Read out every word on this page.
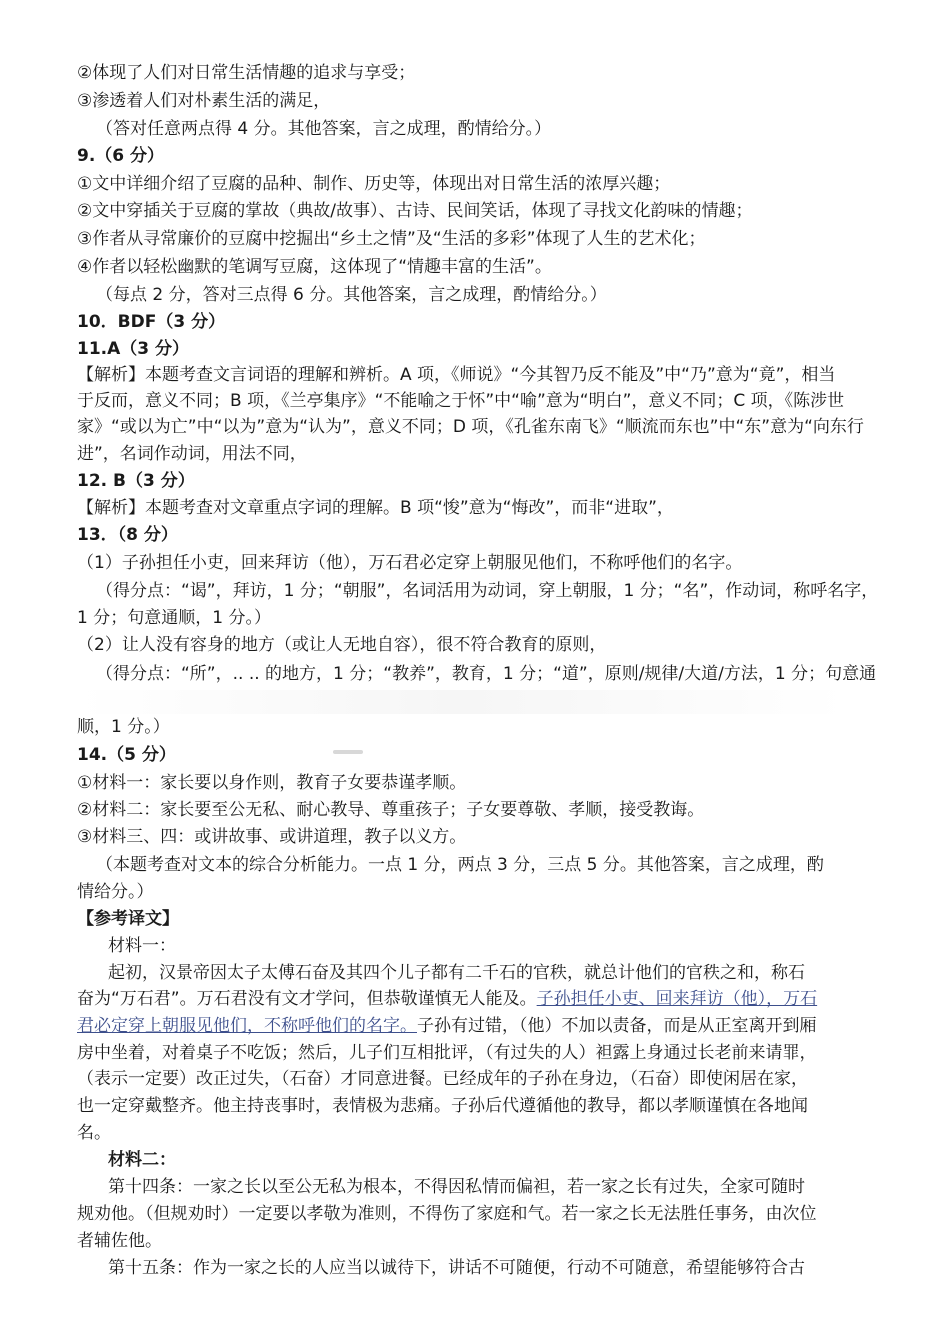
②体现了人们对日常生活情趣的追求与享受；
③渗透着人们对朴素生活的满足，
（答对任意两点得 4 分。其他答案，言之成理，酌情给分。）
9.（6 分）
①文中详细介绍了豆腐的品种、制作、历史等，体现出对日常生活的浓厚兴趣；
②文中穿插关于豆腐的掌故（典故/故事）、古诗、民间笑话，体现了寻找文化韵味的情趣；
③作者从寻常廉价的豆腐中挖掘出“乡土之情”及“生活的多彩”体现了人生的艺术化；
④作者以轻松幽默的笔调写豆腐，这体现了“情趣丰富的生活”。
（每点 2 分，答对三点得 6 分。其他答案，言之成理，酌情给分。）
10．BDF（3 分）
11.A（3 分）
【解析】本题考查文言词语的理解和辨析。A 项，《师说》“今其智乃反不能及”中“乃”意为“竟”，相当
于反而，意义不同；B 项，《兰亭集序》“不能喻之于怀”中“喻”意为“明白”，意义不同；C 项，《陈涉世
家》“或以为亡”中“以为”意为“认为”，意义不同；D 项，《孔雀东南飞》“顺流而东也”中“东”意为“向东行
进”，名词作动词，用法不同，
12. B（3 分）
【解析】本题考查对文章重点字词的理解。B 项“悛”意为“悔改”，而非“进取”，
13．（8 分）
（1）子孙担任小吏，回来拜访（他），万石君必定穿上朝服见他们，不称呼他们的名字。
（得分点：“谒”，拜访，1 分；“朝服”，名词活用为动词，穿上朝服，1 分；“名”，作动词，称呼名字，
1 分；句意通顺，1 分。）
（2）让人没有容身的地方（或让人无地自容），很不符合教育的原则，
（得分点：“所”，.. .. 的地方，1 分；“教养”，教育，1 分；“道”，原则/规律/大道/方法，1 分；句意通
顺，1 分。）
14.（5 分）
①材料一：家长要以身作则，教育子女要恭谨孝顺。
②材料二：家长要至公无私、耐心教导、尊重孩子；子女要尊敬、孝顺，接受教诲。
③材料三、四：或讲故事、或讲道理，教子以义方。
（本题考查对文本的综合分析能力。一点 1 分，两点 3 分，三点 5 分。其他答案，言之成理，酌
情给分。）
【参考译文】
材料一：
起初，汉景帝因太子太傅石奋及其四个儿子都有二千石的官秩，就总计他们的官秩之和，称石
奋为“万石君”。万石君没有文才学问，但恭敬谨慎无人能及。子孙担任小吏、回来拜访（他），万石
君必定穿上朝服见他们，不称呼他们的名字。子孙有过错，（他）不加以责备，而是从正室离开到厢
房中坐着，对着桌子不吃饭；然后，儿子们互相批评，（有过失的人）袒露上身通过长老前来请罪，
（表示一定要）改正过失，（石奋）才同意进餐。已经成年的子孙在身边，（石奋）即使闲居在家，
也一定穿戴整齐。他主持丧事时，表情极为悲痛。子孙后代遵循他的教导，都以孝顺谨慎在各地闻
名。
材料二：
第十四条：一家之长以至公无私为根本，不得因私情而偏袒，若一家之长有过失，全家可随时
规劝他。（但规劝时）一定要以孝敬为准则，不得伤了家庭和气。若一家之长无法胜任事务，由次位
者辅佐他。
第十五条：作为一家之长的人应当以诚待下，讲话不可随便，行动不可随意，希望能够符合古
